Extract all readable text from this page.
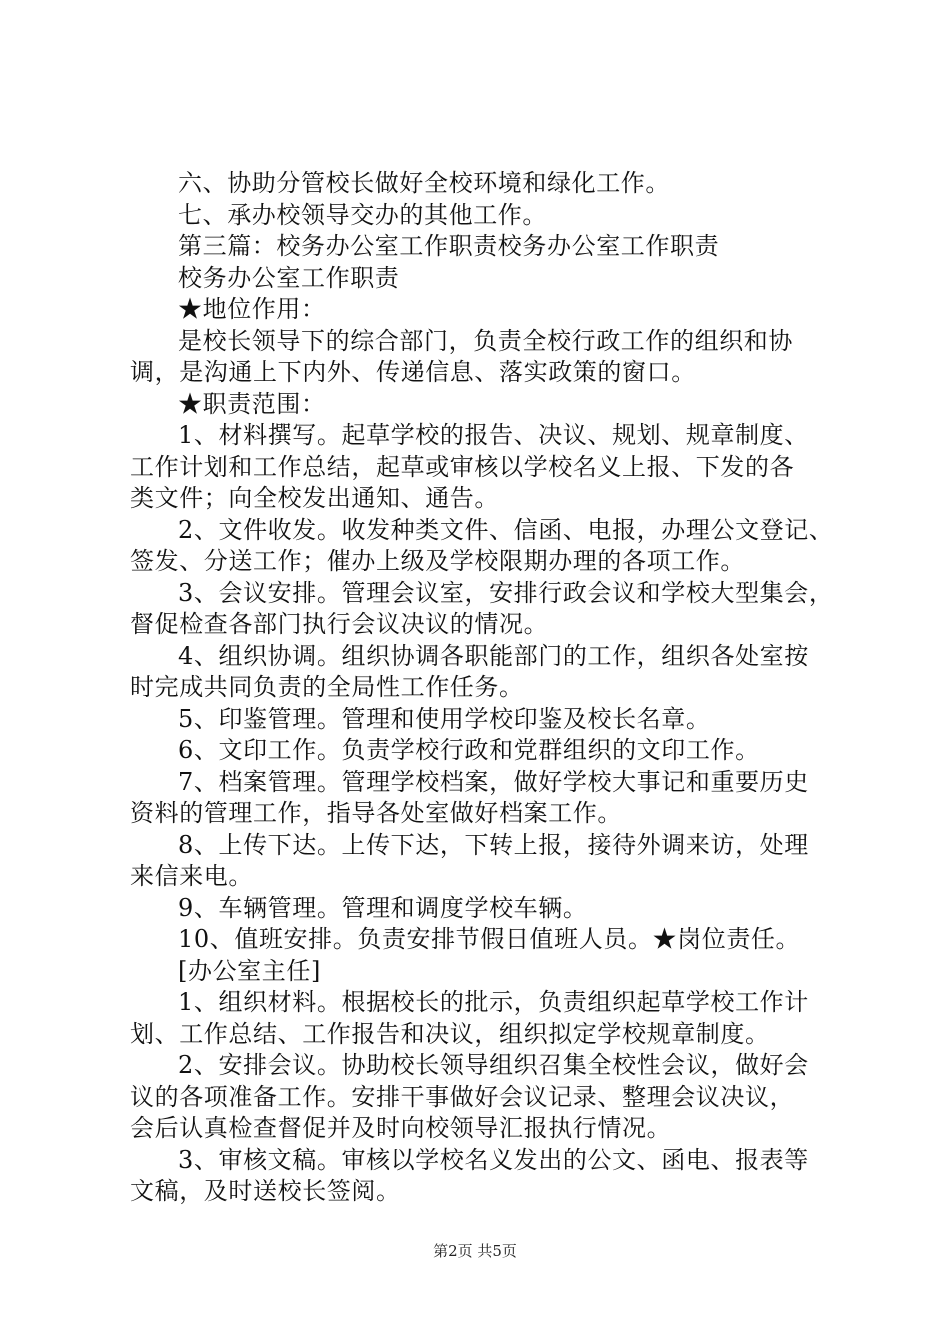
六、协助分管校长做好全校环境和绿化工作。
七、承办校领导交办的其他工作。
第三篇：校务办公室工作职责校务办公室工作职责
校务办公室工作职责
★地位作用：
是校长领导下的综合部门，负责全校行政工作的组织和协
调，是沟通上下内外、传递信息、落实政策的窗口。
★职责范围：
1、材料撰写。起草学校的报告、决议、规划、规章制度、
工作计划和工作总结，起草或审核以学校名义上报、下发的各
类文件；向全校发出通知、通告。
2、文件收发。收发种类文件、信函、电报，办理公文登记、
签发、分送工作；催办上级及学校限期办理的各项工作。
3、会议安排。管理会议室，安排行政会议和学校大型集会，
督促检查各部门执行会议决议的情况。
4、组织协调。组织协调各职能部门的工作，组织各处室按
时完成共同负责的全局性工作任务。
5、印鉴管理。管理和使用学校印鉴及校长名章。
6、文印工作。负责学校行政和党群组织的文印工作。
7、档案管理。管理学校档案，做好学校大事记和重要历史
资料的管理工作，指导各处室做好档案工作。
8、上传下达。上传下达，下转上报，接待外调来访，处理
来信来电。
9、车辆管理。管理和调度学校车辆。
10、值班安排。负责安排节假日值班人员。★岗位责任。
[办公室主任]
1、组织材料。根据校长的批示，负责组织起草学校工作计
划、工作总结、工作报告和决议，组织拟定学校规章制度。
2、安排会议。协助校长领导组织召集全校性会议，做好会
议的各项准备工作。安排干事做好会议记录、整理会议决议，
会后认真检查督促并及时向校领导汇报执行情况。
3、审核文稿。审核以学校名义发出的公文、函电、报表等
文稿，及时送校长签阅。
第2页 共5页
